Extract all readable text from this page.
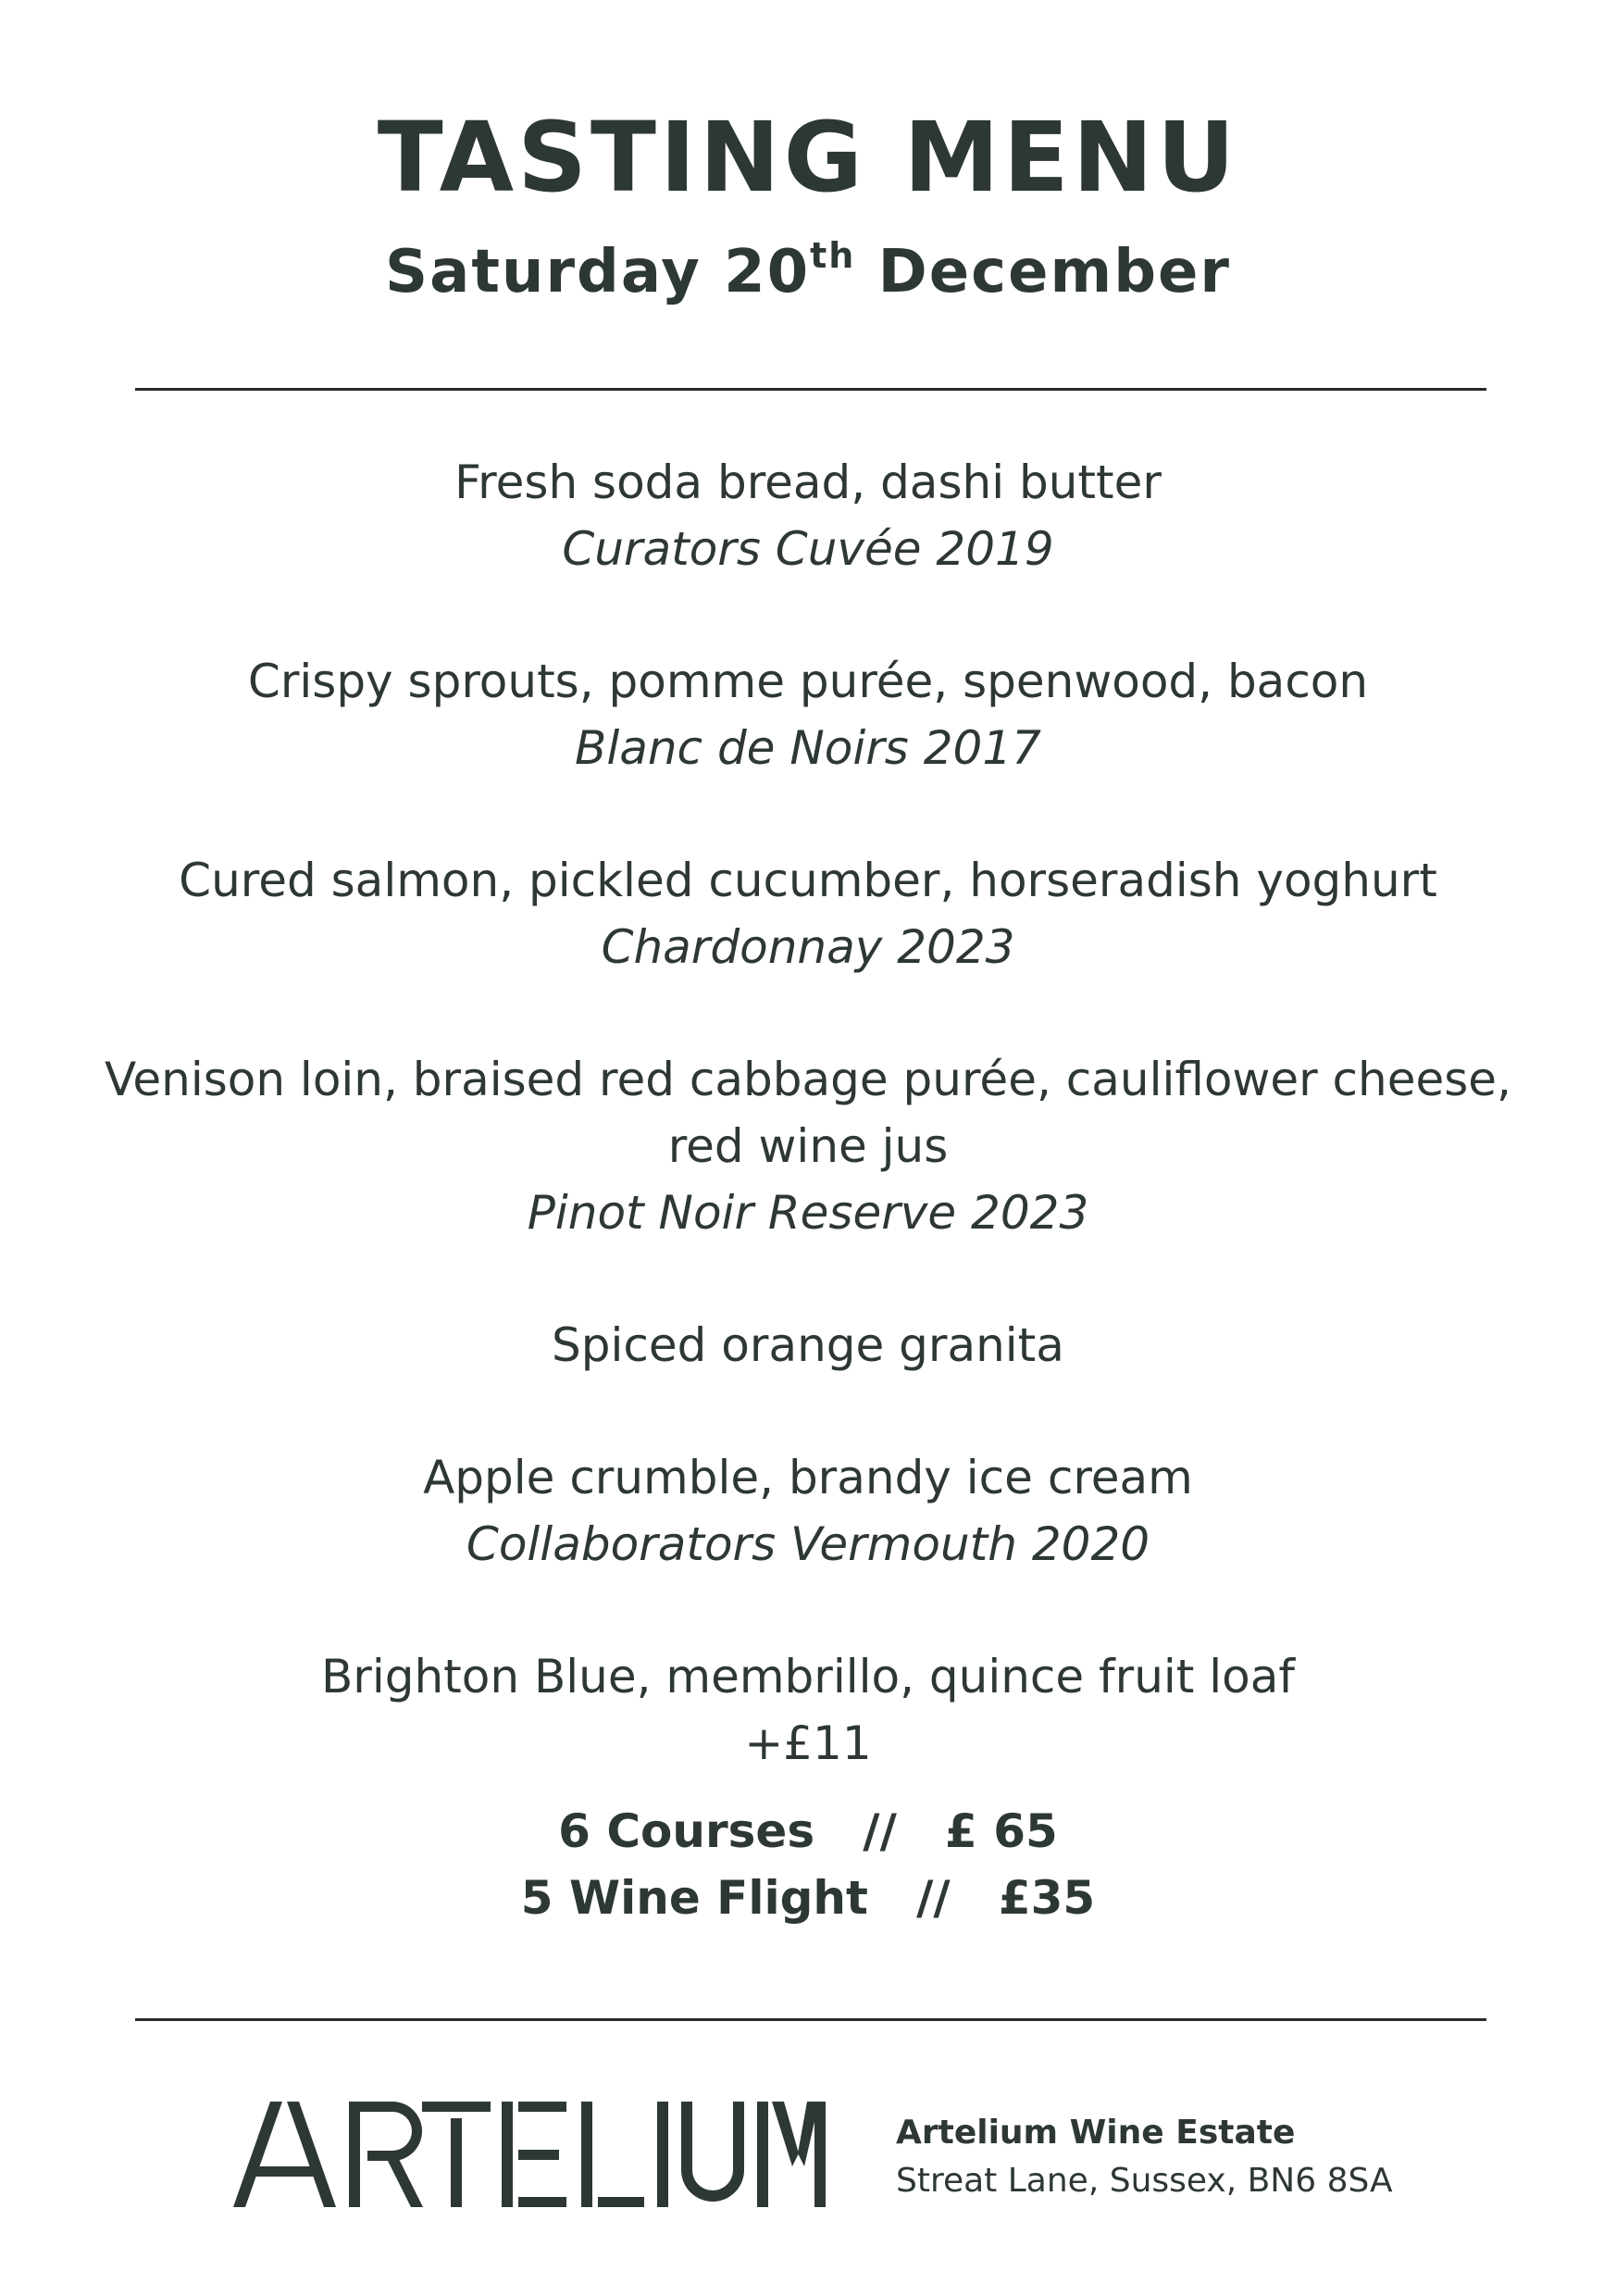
TASTING MENU
Saturday 20th December
Fresh soda bread, dashi butter
Curators Cuvée 2019
Crispy sprouts, pomme purée, spenwood, bacon
Blanc de Noirs 2017
Cured salmon, pickled cucumber, horseradish yoghurt
Chardonnay 2023
Venison loin, braised red cabbage purée, cauliflower cheese,
red wine jus
Pinot Noir Reserve 2023
Spiced orange granita
Apple crumble, brandy ice cream
Collaborators Vermouth 2020
Brighton Blue, membrillo, quince fruit loaf
+£11
6 Courses   //   £ 65
5 Wine Flight   //   £35
Artelium Wine Estate
Streat Lane, Sussex, BN6 8SA
